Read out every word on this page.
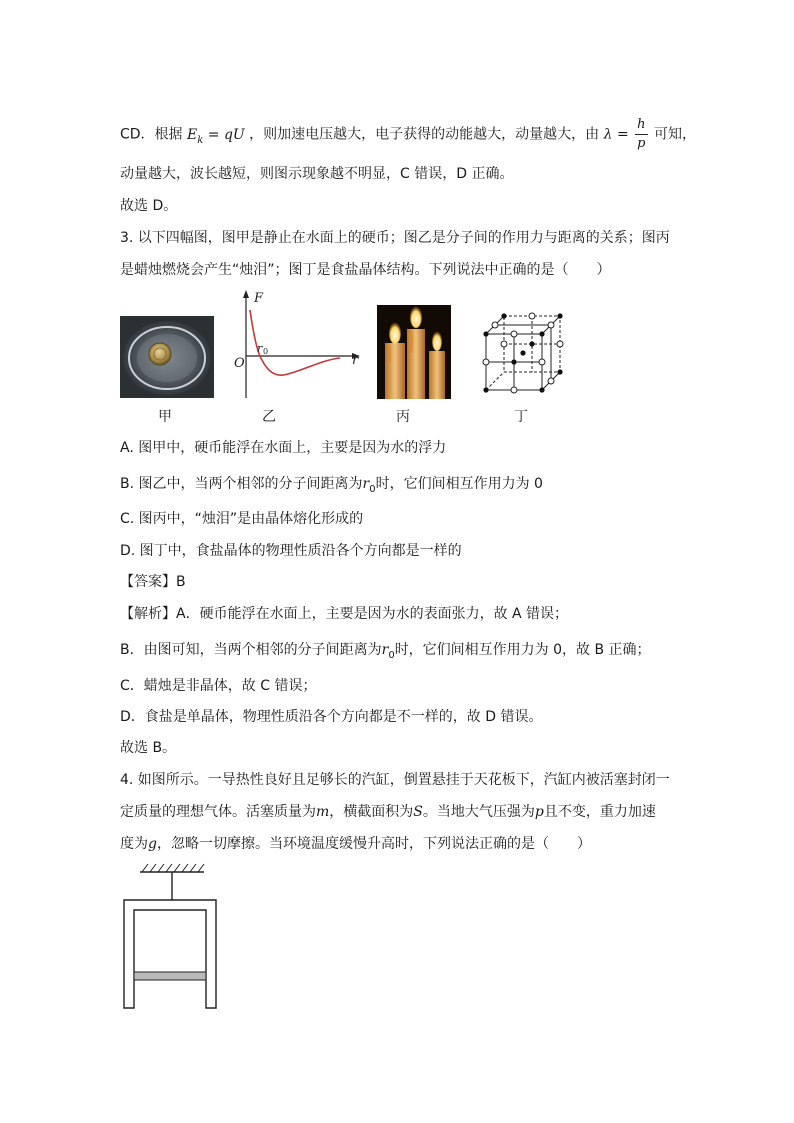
CD．根据 $E_k$ = qU ，则加速电压越大，电子获得的动能越大，动量越大，由 $\lambda = \frac{h}{p}$ 可知，
动量越大，波长越短，则图示现象越不明显，C 错误，D 正确。
故选 D。
3. 以下四幅图，图甲是静止在水面上的硬币；图乙是分子间的作用力与距离的关系；图丙
是蜡烛燃烧会产生“烛泪”；图丁是食盐晶体结构。下列说法中正确的是（　　）
甲
F
O
r 0
r
乙	丙	丁
A. 图甲中，硬币能浮在水面上，主要是因为水的浮力
B. 图乙中，当两个相邻的分子间距离为$r_0$时，它们间相互作用力为 0
C. 图丙中，“烛泪”是由晶体熔化形成的
D. 图丁中，食盐晶体的物理性质沿各个方向都是一样的
【答案】B
【解析】A．硬币能浮在水面上，主要是因为水的表面张力，故 A 错误；
B．由图可知，当两个相邻的分子间距离为$r_0$时，它们间相互作用力为 0，故 B 正确；
C．蜡烛是非晶体，故 C 错误；
D．食盐是单晶体，物理性质沿各个方向都是不一样的，故 D 错误。
故选 B。
4. 如图所示。一导热性良好且足够长的汽缸，倒置悬挂于天花板下，汽缸内被活塞封闭一
定质量的理想气体。活塞质量为m，横截面积为S。当地大气压强为p且不变，重力加速
度为g，忽略一切摩擦。当环境温度缓慢升高时，下列说法正确的是（　　）
